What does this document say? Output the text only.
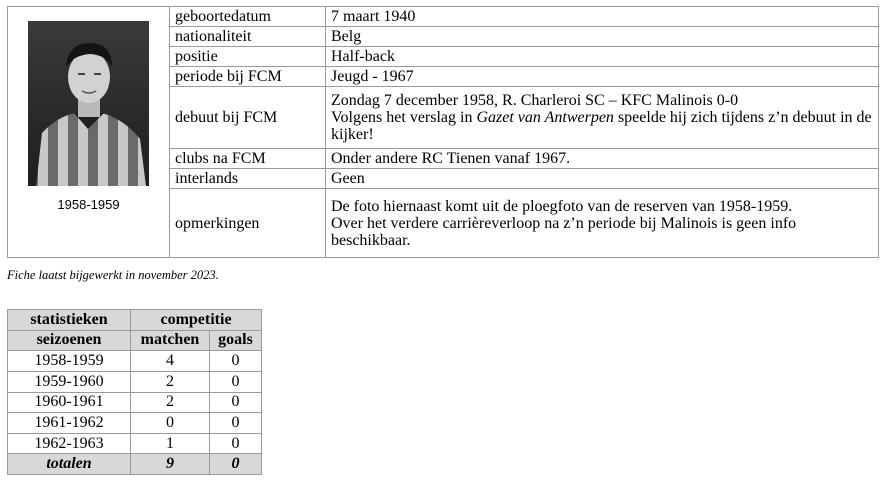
1958-1959	geboortedatum	7 maart 1940
	nationaliteit	Belg
	positie	Half-back
	periode bij FCM	Jeugd - 1967
	debuut bij FCM	Zondag 7 december 1958, R. Charleroi SC – KFC Malinois 0-0
Volgens het verslag in Gazet van Antwerpen speelde hij zich tijdens z’n debuut in de kijker!

	clubs na FCM	Onder andere RC Tienen vanaf 1967.
	interlands	Geen
	opmerkingen	De foto hiernaast komt uit de ploegfoto van de reserven van 1958-1959.
Over het verdere carrièreverloop na z’n periode bij Malinois is geen info beschikbaar.
Fiche laatst bijgewerkt in november 2023.
statistieken	competitie	
seizoenen	matchen	goals
1958-1959	4	0
1959-1960	2	0
1960-1961	2	0
1961-1962	0	0
1962-1963	1	0
totalen	9	0
